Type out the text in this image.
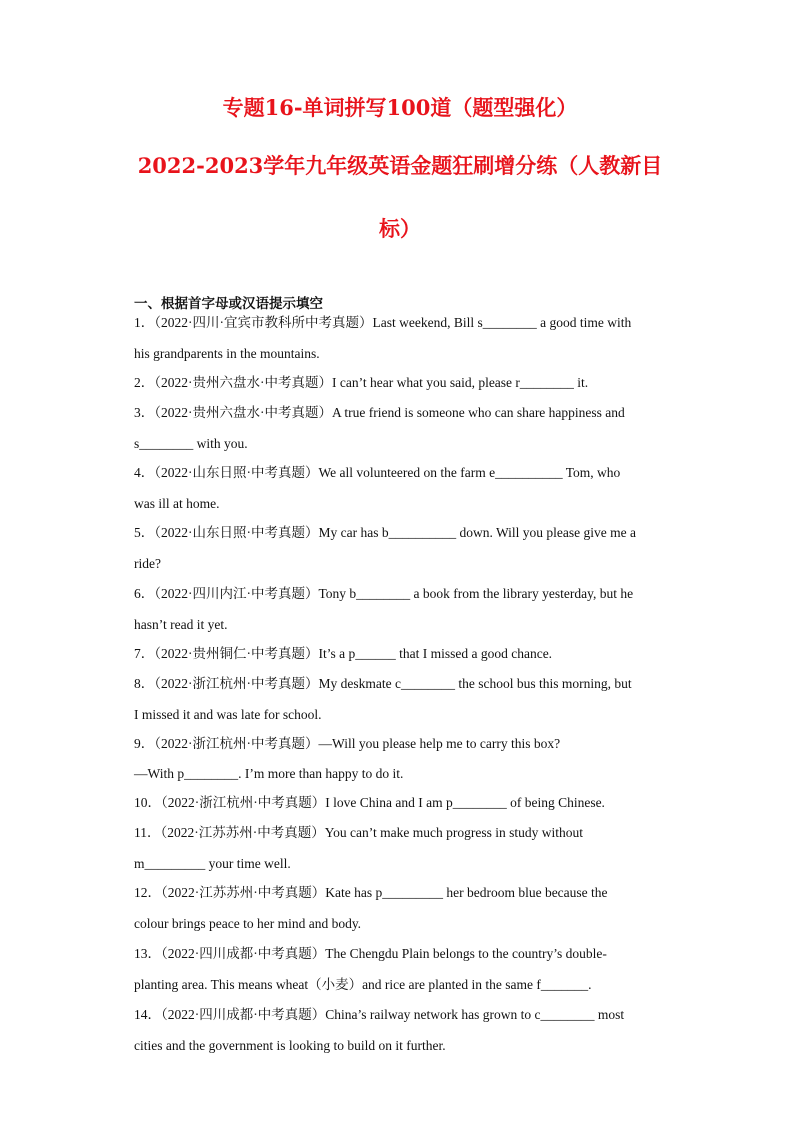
专题16-单词拼写100道（题型强化）
2022-2023学年九年级英语金题狂刷增分练（人教新目
标）
一、根据首字母或汉语提示填空
1．（2022·四川·宜宾市教科所中考真题）Last weekend, Bill s________ a good time with
his grandparents in the mountains.
2．（2022·贵州六盘水·中考真题）I can’t hear what you said, please r________ it.
3．（2022·贵州六盘水·中考真题）A true friend is someone who can share happiness and
s________ with you.
4．（2022·山东日照·中考真题）We all volunteered on the farm e__________ Tom, who
was ill at home.
5．（2022·山东日照·中考真题）My car has b__________ down. Will you please give me a
ride?
6．（2022·四川内江·中考真题）Tony b________ a book from the library yesterday, but he
hasn’t read it yet.
7．（2022·贵州铜仁·中考真题）It’s a p______ that I missed a good chance.
8．（2022·浙江杭州·中考真题）My deskmate c________ the school bus this morning, but
I missed it and was late for school.
9．（2022·浙江杭州·中考真题）—Will you please help me to carry this box?
—With p________. I’m more than happy to do it.
10．（2022·浙江杭州·中考真题）I love China and I am p________ of being Chinese.
11．（2022·江苏苏州·中考真题）You can’t make much progress in study without
m_________ your time well.
12．（2022·江苏苏州·中考真题）Kate has p_________ her bedroom blue because the
colour brings peace to her mind and body.
13．（2022·四川成都·中考真题）The Chengdu Plain belongs to the country’s double-
planting area. This means wheat（小麦）and rice are planted in the same f_______.
14．（2022·四川成都·中考真题）China’s railway network has grown to c________ most
cities and the government is looking to build on it further.
